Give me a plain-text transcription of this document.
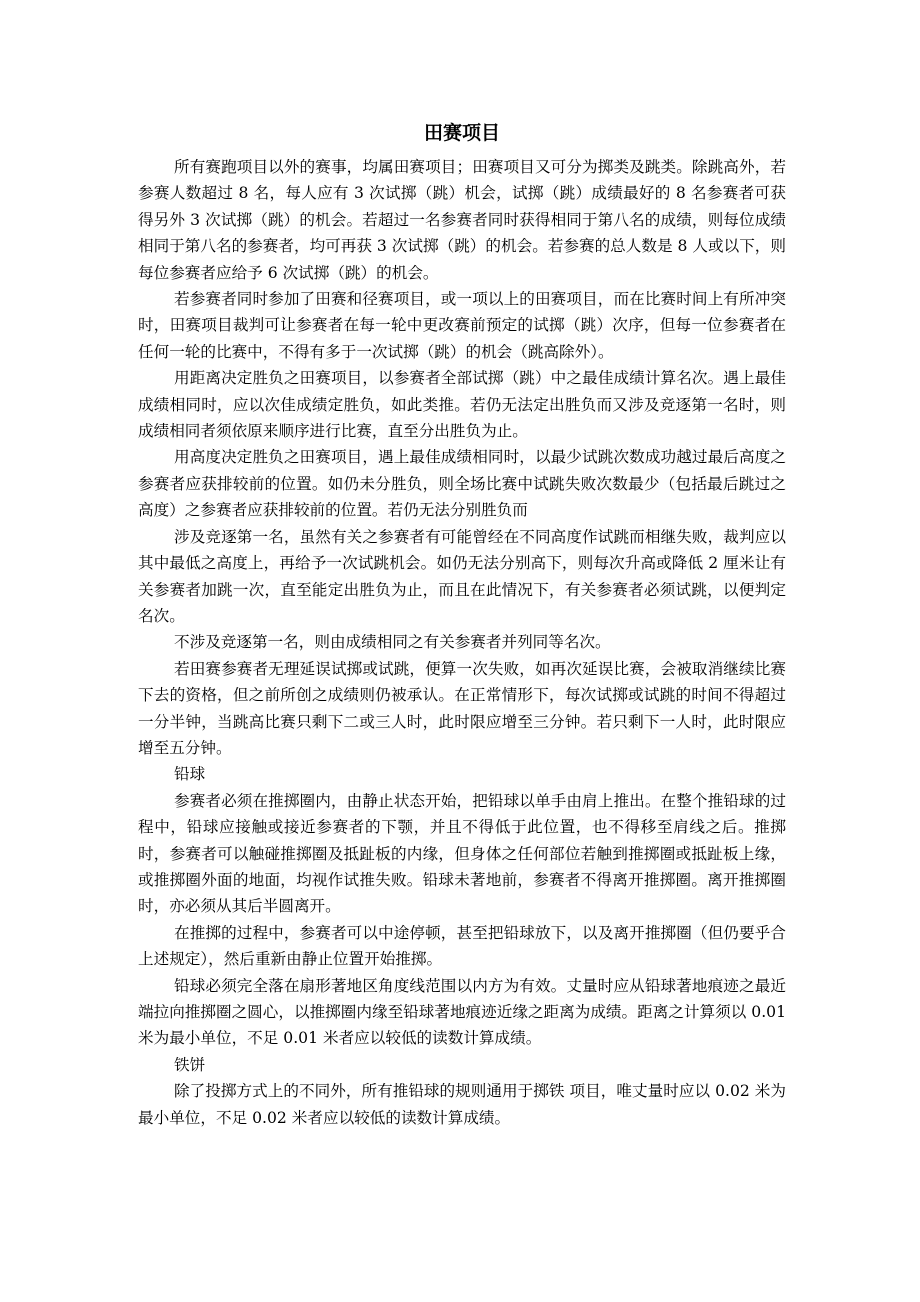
田赛项目

所有赛跑项目以外的赛事，均属田赛项目；田赛项目又可分为掷类及跳类。除跳高外，若参赛人数超过 8 名，每人应有 3 次试掷（跳）机会，试掷（跳）成绩最好的 8 名参赛者可获得另外 3 次试掷（跳）的机会。若超过一名参赛者同时获得相同于第八名的成绩，则每位成绩相同于第八名的参赛者，均可再获 3 次试掷（跳）的机会。若参赛的总人数是 8 人或以下，则每位参赛者应给予 6 次试掷（跳）的机会。

若参赛者同时参加了田赛和径赛项目，或一项以上的田赛项目，而在比赛时间上有所冲突时，田赛项目裁判可让参赛者在每一轮中更改赛前预定的试掷（跳）次序，但每一位参赛者在任何一轮的比赛中，不得有多于一次试掷（跳）的机会（跳高除外）。

用距离决定胜负之田赛项目，以参赛者全部试掷（跳）中之最佳成绩计算名次。遇上最佳成绩相同时，应以次佳成绩定胜负，如此类推。若仍无法定出胜负而又涉及竞逐第一名时，则成绩相同者须依原来顺序进行比赛，直至分出胜负为止。

用高度决定胜负之田赛项目，遇上最佳成绩相同时，以最少试跳次数成功越过最后高度之参赛者应获排较前的位置。如仍未分胜负，则全场比赛中试跳失败次数最少（包括最后跳过之高度）之参赛者应获排较前的位置。若仍无法分别胜负而

涉及竞逐第一名，虽然有关之参赛者有可能曾经在不同高度作试跳而相继失败，裁判应以其中最低之高度上，再给予一次试跳机会。如仍无法分别高下，则每次升高或降低 2 厘米让有关参赛者加跳一次，直至能定出胜负为止，而且在此情况下，有关参赛者必须试跳，以便判定名次。

不涉及竞逐第一名，则由成绩相同之有关参赛者并列同等名次。

若田赛参赛者无理延误试掷或试跳，便算一次失败，如再次延误比赛，会被取消继续比赛下去的资格，但之前所创之成绩则仍被承认。在正常情形下，每次试掷或试跳的时间不得超过一分半钟，当跳高比赛只剩下二或三人时，此时限应增至三分钟。若只剩下一人时，此时限应增至五分钟。

铅球

参赛者必须在推掷圈内，由静止状态开始，把铅球以单手由肩上推出。在整个推铅球的过程中，铅球应接触或接近参赛者的下颚，并且不得低于此位置，也不得移至肩线之后。推掷时，参赛者可以触碰推掷圈及抵趾板的内缘，但身体之任何部位若触到推掷圈或抵趾板上缘，或推掷圈外面的地面，均视作试推失败。铅球未著地前，参赛者不得离开推掷圈。离开推掷圈时，亦必须从其后半圆离开。

在推掷的过程中，参赛者可以中途停顿，甚至把铅球放下，以及离开推掷圈（但仍要乎合上述规定），然后重新由静止位置开始推掷。

铅球必须完全落在扇形著地区角度线范围以内方为有效。丈量时应从铅球著地痕迹之最近端拉向推掷圈之圆心，以推掷圈内缘至铅球著地痕迹近缘之距离为成绩。距离之计算须以 0.01 米为最小单位，不足 0.01 米者应以较低的读数计算成绩。

铁饼

除了投掷方式上的不同外，所有推铅球的规则通用于掷铁 项目，唯丈量时应以 0.02 米为最小单位，不足 0.02 米者应以较低的读数计算成绩。
